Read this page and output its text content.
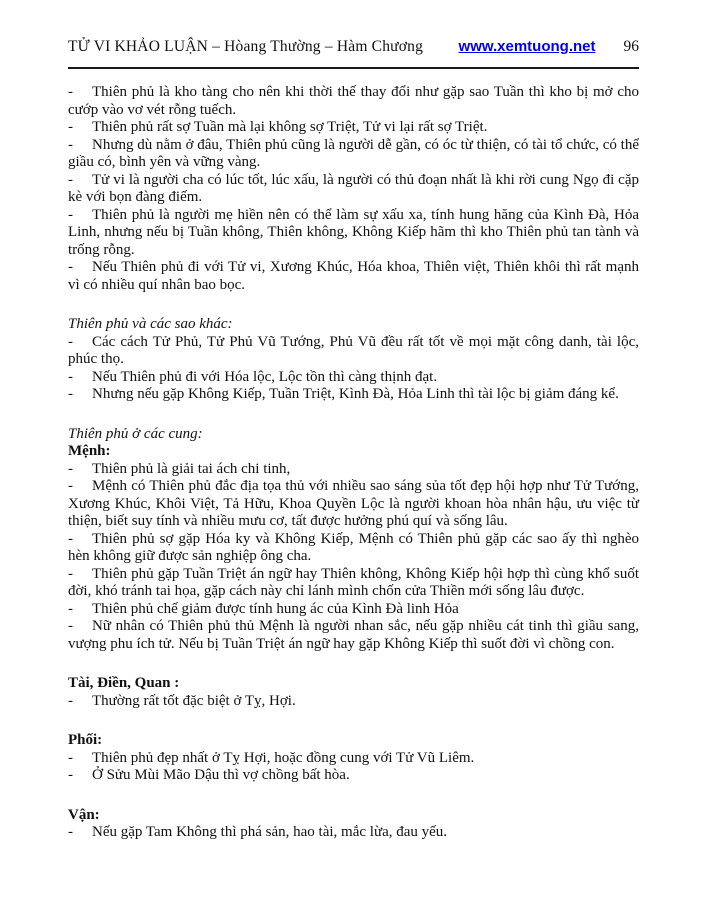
TỬ VI KHẢO LUẬN – Hòang Thường – Hàm Chương www.xemtuong.net 96

- Thiên phủ là kho tàng cho nên khi thời thế thay đổi như gặp sao Tuần thì kho bị mở cho cướp vào vơ vét rỗng tuếch.

- Thiên phủ rất sợ Tuần mà lại không sợ Triệt, Tử vi lại rất sợ Triệt.

- Nhưng dù nằm ở đâu, Thiên phủ cũng là người dễ gần, có óc từ thiện, có tài tổ chức, có thể giầu có, bình yên và vững vàng.

- Tử vi là người cha có lúc tốt, lúc xấu, là người có thủ đoạn nhất là khi rời cung Ngọ đi cặp kè với bọn đàng điếm.

- Thiên phủ là người mẹ hiền nên có thể làm sự xấu xa, tính hung hăng của Kình Đà, Hỏa Linh, nhưng nếu bị Tuần không, Thiên không, Không Kiếp hãm thì kho Thiên phủ tan tành và trống rỗng.

- Nếu Thiên phủ đi với Tử vi, Xương Khúc, Hóa khoa, Thiên việt, Thiên khôi thì rất mạnh vì có nhiều quí nhân bao bọc.

Thiên phủ và các sao khác:

- Các cách Tử Phủ, Tử Phủ Vũ Tướng, Phủ Vũ đều rất tốt về mọi mặt công danh, tài lộc, phúc thọ.

- Nếu Thiên phủ đi với Hóa lộc, Lộc tồn thì càng thịnh đạt.

- Nhưng nếu gặp Không Kiếp, Tuần Triệt, Kình Đà, Hỏa Linh thì tài lộc bị giảm đáng kể.

Thiên phủ ở các cung:

Mệnh:

- Thiên phủ là giải tai ách chi tinh,

- Mệnh có Thiên phủ đắc địa tọa thủ với nhiều sao sáng sủa tốt đẹp hội hợp như Tử Tướng, Xương Khúc, Khôi Việt, Tả Hữu, Khoa Quyền Lộc là người khoan hòa nhân hậu, ưu việc từ thiện, biết suy tính và nhiều mưu cơ, tất được hưởng phú quí và sống lâu.

- Thiên phủ sợ gặp Hóa ky và Không Kiếp, Mệnh có Thiên phủ gặp các sao ấy thì nghèo hèn không giữ được sản nghiệp ông cha.

- Thiên phủ gặp Tuần Triệt án ngữ hay Thiên không, Không Kiếp hội hợp thì cùng khổ suốt đời, khó tránh tai họa, gặp cách này chỉ lánh mình chốn cửa Thiền mới sống lâu được.

- Thiên phủ chế giảm được tính hung ác của Kình Đà linh Hỏa

- Nữ nhân có Thiên phủ thủ Mệnh là người nhan sắc, nếu gặp nhiều cát tinh thì giầu sang, vượng phu ích tử. Nếu bị Tuần Triệt án ngữ hay gặp Không Kiếp thì suốt đời vì chồng con.

Tài, Điền, Quan :

- Thường rất tốt đặc biệt ở Tỵ, Hợi.

Phối:

- Thiên phủ đẹp nhất ở Tỵ Hợi, hoặc đồng cung với Tử Vũ Liêm.

- Ở Sửu Mùi Mão Dậu thì vợ chồng bất hòa.

Vận:

- Nếu gặp Tam Không thì phá sản, hao tài, mắc lừa, đau yếu.
